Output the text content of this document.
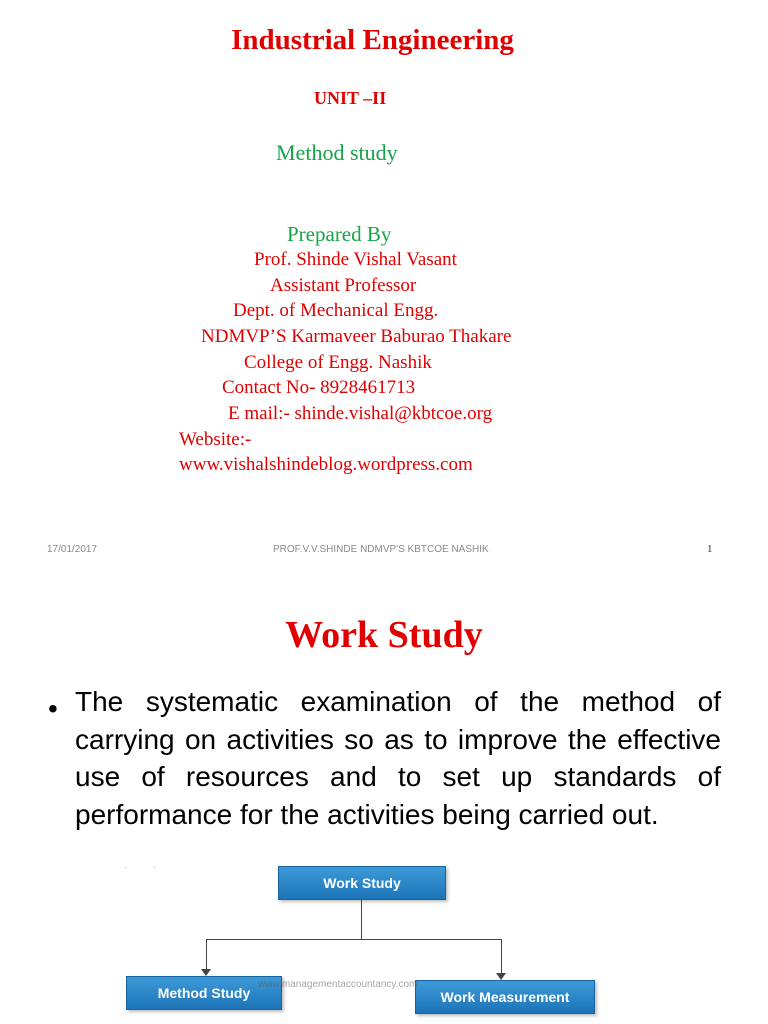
Industrial Engineering
UNIT –II
Method study
Prepared By
Prof. Shinde Vishal Vasant
Assistant Professor
Dept. of Mechanical Engg.
NDMVP’S Karmaveer Baburao Thakare
College of Engg. Nashik
Contact No- 8928461713
E mail:- shinde.vishal@kbtcoe.org
Website:-
www.vishalshindeblog.wordpress.com
17/01/2017	PROF.V.V.SHINDE NDMVP'S KBTCOE NASHIK	1
Work Study
• The systematic examination of the method of carrying on activities so as to improve the effective use of resources and to set up standards of performance for the activities being carried out.
·            ·
Work Study
Method Study	Work Measurement
www.managementaccountancy.com
